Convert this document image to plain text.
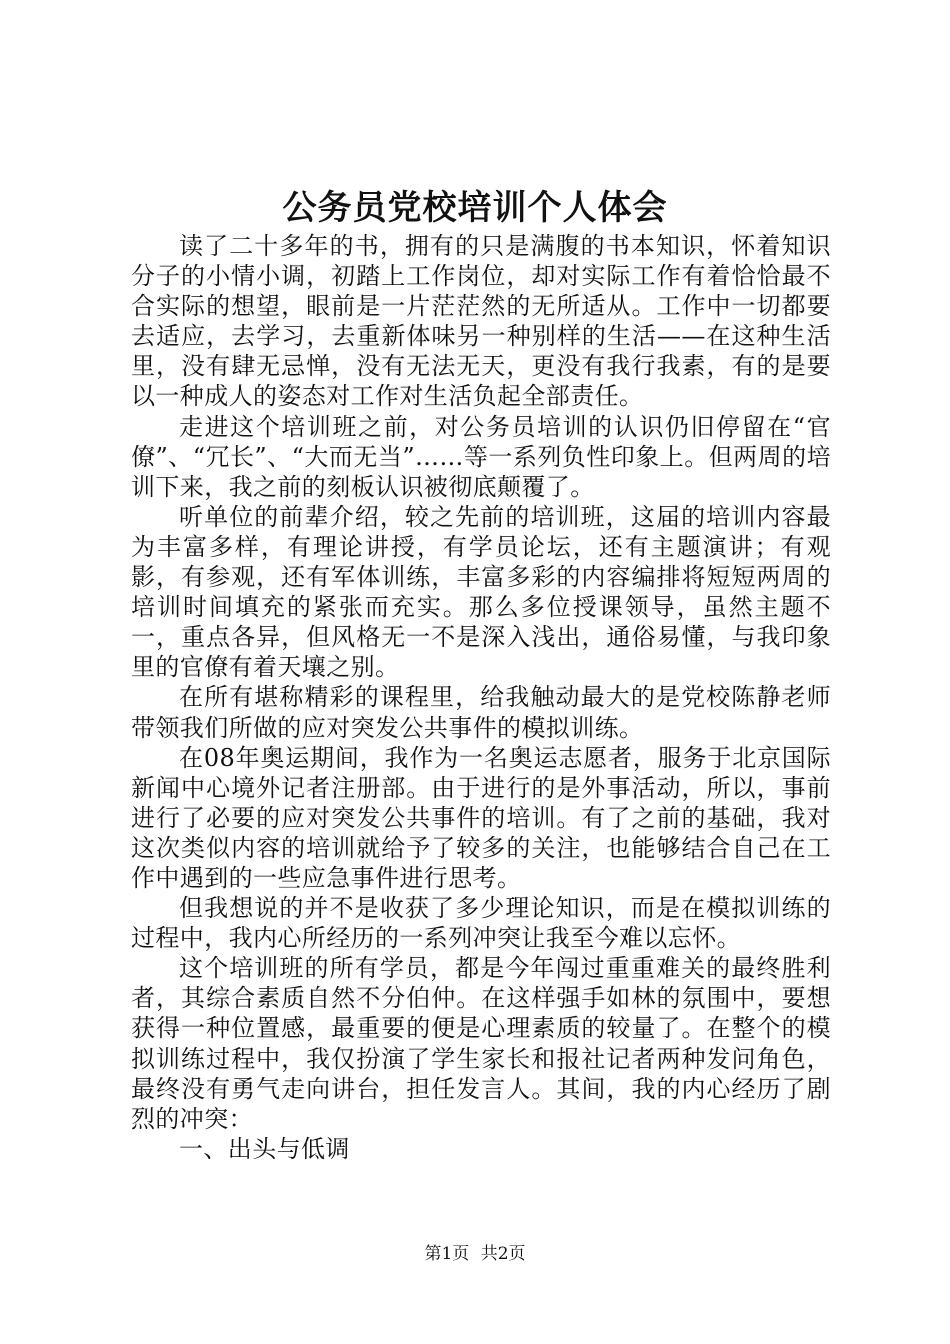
公务员党校培训个人体会

读了二十多年的书，拥有的只是满腹的书本知识，怀着知识分子的小情小调，初踏上工作岗位，却对实际工作有着恰恰最不合实际的想望，眼前是一片茫茫然的无所适从。工作中一切都要去适应，去学习，去重新体味另一种别样的生活——在这种生活里，没有肆无忌惮，没有无法无天，更没有我行我素，有的是要以一种成人的姿态对工作对生活负起全部责任。

走进这个培训班之前，对公务员培训的认识仍旧停留在“官僚”、“冗长”、“大而无当”……等一系列负性印象上。但两周的培训下来，我之前的刻板认识被彻底颠覆了。

听单位的前辈介绍，较之先前的培训班，这届的培训内容最为丰富多样，有理论讲授，有学员论坛，还有主题演讲；有观影，有参观，还有军体训练，丰富多彩的内容编排将短短两周的培训时间填充的紧张而充实。那么多位授课领导，虽然主题不一，重点各异，但风格无一不是深入浅出，通俗易懂，与我印象里的官僚有着天壤之别。

在所有堪称精彩的课程里，给我触动最大的是党校陈静老师带领我们所做的应对突发公共事件的模拟训练。

在08年奥运期间，我作为一名奥运志愿者，服务于北京国际新闻中心境外记者注册部。由于进行的是外事活动，所以，事前进行了必要的应对突发公共事件的培训。有了之前的基础，我对这次类似内容的培训就给予了较多的关注，也能够结合自己在工作中遇到的一些应急事件进行思考。

但我想说的并不是收获了多少理论知识，而是在模拟训练的过程中，我内心所经历的一系列冲突让我至今难以忘怀。

这个培训班的所有学员，都是今年闯过重重难关的最终胜利者，其综合素质自然不分伯仲。在这样强手如林的氛围中，要想获得一种位置感，最重要的便是心理素质的较量了。在整个的模拟训练过程中，我仅扮演了学生家长和报社记者两种发问角色，最终没有勇气走向讲台，担任发言人。其间，我的内心经历了剧烈的冲突：

一、出头与低调

第1页 共2页
